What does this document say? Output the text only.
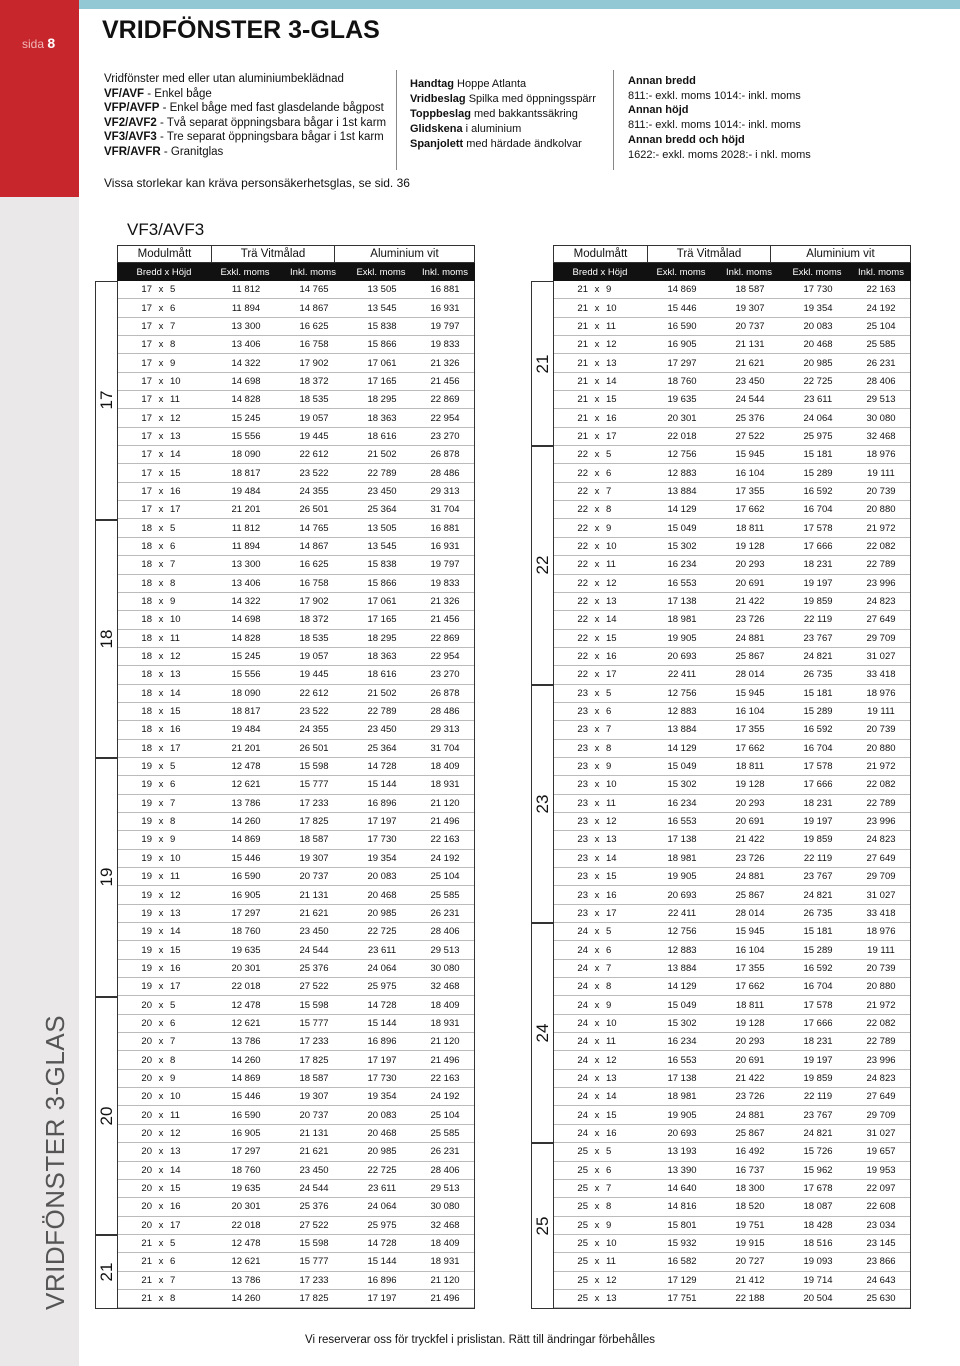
sida 8
VRIDFÖNSTER 3-GLAS
VRIDFÖNSTER 3-GLAS
Vridfönster med eller utan aluminiumbeklädnad
VF/AVF - Enkel båge
VFP/AVFP - Enkel båge med fast glasdelande bågpost
VF2/AVF2 - Två separat öppningsbara bågar i 1st karm
VF3/AVF3 - Tre separat öppningsbara bågar i 1st karm
VFR/AVFR - Granitglas
Handtag Hoppe Atlanta
Vridbeslag Spilka med öppningsspärr
Toppbeslag med bakkantssäkring
Glidskena i aluminium
Spanjolett med härdade ändkolvar
Annan bredd
811:- exkl. moms 1014:- inkl. moms
Annan höjd
811:- exkl. moms 1014:- inkl. moms
Annan bredd och höjd
1622:- exkl. moms 2028:- i nkl. moms
Vissa storlekar kan kräva personsäkerhetsglas, se sid. 36
VF3/AVF3
Modulmått	Trä Vitmålad	Aluminium vit
Bredd x Höjd	Exkl. moms	Inkl. moms	Exkl. moms	Inkl. moms
17 x 5	11 812	14 765	13 505	16 881
17 x 6	11 894	14 867	13 545	16 931
17 x 7	13 300	16 625	15 838	19 797
17 x 8	13 406	16 758	15 866	19 833
17 x 9	14 322	17 902	17 061	21 326
17 x 10	14 698	18 372	17 165	21 456
17 x 11	14 828	18 535	18 295	22 869
17 x 12	15 245	19 057	18 363	22 954
17 x 13	15 556	19 445	18 616	23 270
17 x 14	18 090	22 612	21 502	26 878
17 x 15	18 817	23 522	22 789	28 486
17 x 16	19 484	24 355	23 450	29 313
17 x 17	21 201	26 501	25 364	31 704
18 x 5	11 812	14 765	13 505	16 881
18 x 6	11 894	14 867	13 545	16 931
18 x 7	13 300	16 625	15 838	19 797
18 x 8	13 406	16 758	15 866	19 833
18 x 9	14 322	17 902	17 061	21 326
18 x 10	14 698	18 372	17 165	21 456
18 x 11	14 828	18 535	18 295	22 869
18 x 12	15 245	19 057	18 363	22 954
18 x 13	15 556	19 445	18 616	23 270
18 x 14	18 090	22 612	21 502	26 878
18 x 15	18 817	23 522	22 789	28 486
18 x 16	19 484	24 355	23 450	29 313
18 x 17	21 201	26 501	25 364	31 704
19 x 5	12 478	15 598	14 728	18 409
19 x 6	12 621	15 777	15 144	18 931
19 x 7	13 786	17 233	16 896	21 120
19 x 8	14 260	17 825	17 197	21 496
19 x 9	14 869	18 587	17 730	22 163
19 x 10	15 446	19 307	19 354	24 192
19 x 11	16 590	20 737	20 083	25 104
19 x 12	16 905	21 131	20 468	25 585
19 x 13	17 297	21 621	20 985	26 231
19 x 14	18 760	23 450	22 725	28 406
19 x 15	19 635	24 544	23 611	29 513
19 x 16	20 301	25 376	24 064	30 080
19 x 17	22 018	27 522	25 975	32 468
20 x 5	12 478	15 598	14 728	18 409
20 x 6	12 621	15 777	15 144	18 931
20 x 7	13 786	17 233	16 896	21 120
20 x 8	14 260	17 825	17 197	21 496
20 x 9	14 869	18 587	17 730	22 163
20 x 10	15 446	19 307	19 354	24 192
20 x 11	16 590	20 737	20 083	25 104
20 x 12	16 905	21 131	20 468	25 585
20 x 13	17 297	21 621	20 985	26 231
20 x 14	18 760	23 450	22 725	28 406
20 x 15	19 635	24 544	23 611	29 513
20 x 16	20 301	25 376	24 064	30 080
20 x 17	22 018	27 522	25 975	32 468
21 x 5	12 478	15 598	14 728	18 409
21 x 6	12 621	15 777	15 144	18 931
21 x 7	13 786	17 233	16 896	21 120
21 x 8	14 260	17 825	17 197	21 496
17
18
19
20
21
Modulmått	Trä Vitmålad	Aluminium vit
Bredd x Höjd	Exkl. moms	Inkl. moms	Exkl. moms	Inkl. moms
21 x 9	14 869	18 587	17 730	22 163
21 x 10	15 446	19 307	19 354	24 192
21 x 11	16 590	20 737	20 083	25 104
21 x 12	16 905	21 131	20 468	25 585
21 x 13	17 297	21 621	20 985	26 231
21 x 14	18 760	23 450	22 725	28 406
21 x 15	19 635	24 544	23 611	29 513
21 x 16	20 301	25 376	24 064	30 080
21 x 17	22 018	27 522	25 975	32 468
22 x 5	12 756	15 945	15 181	18 976
22 x 6	12 883	16 104	15 289	19 111
22 x 7	13 884	17 355	16 592	20 739
22 x 8	14 129	17 662	16 704	20 880
22 x 9	15 049	18 811	17 578	21 972
22 x 10	15 302	19 128	17 666	22 082
22 x 11	16 234	20 293	18 231	22 789
22 x 12	16 553	20 691	19 197	23 996
22 x 13	17 138	21 422	19 859	24 823
22 x 14	18 981	23 726	22 119	27 649
22 x 15	19 905	24 881	23 767	29 709
22 x 16	20 693	25 867	24 821	31 027
22 x 17	22 411	28 014	26 735	33 418
23 x 5	12 756	15 945	15 181	18 976
23 x 6	12 883	16 104	15 289	19 111
23 x 7	13 884	17 355	16 592	20 739
23 x 8	14 129	17 662	16 704	20 880
23 x 9	15 049	18 811	17 578	21 972
23 x 10	15 302	19 128	17 666	22 082
23 x 11	16 234	20 293	18 231	22 789
23 x 12	16 553	20 691	19 197	23 996
23 x 13	17 138	21 422	19 859	24 823
23 x 14	18 981	23 726	22 119	27 649
23 x 15	19 905	24 881	23 767	29 709
23 x 16	20 693	25 867	24 821	31 027
23 x 17	22 411	28 014	26 735	33 418
24 x 5	12 756	15 945	15 181	18 976
24 x 6	12 883	16 104	15 289	19 111
24 x 7	13 884	17 355	16 592	20 739
24 x 8	14 129	17 662	16 704	20 880
24 x 9	15 049	18 811	17 578	21 972
24 x 10	15 302	19 128	17 666	22 082
24 x 11	16 234	20 293	18 231	22 789
24 x 12	16 553	20 691	19 197	23 996
24 x 13	17 138	21 422	19 859	24 823
24 x 14	18 981	23 726	22 119	27 649
24 x 15	19 905	24 881	23 767	29 709
24 x 16	20 693	25 867	24 821	31 027
25 x 5	13 193	16 492	15 726	19 657
25 x 6	13 390	16 737	15 962	19 953
25 x 7	14 640	18 300	17 678	22 097
25 x 8	14 816	18 520	18 087	22 608
25 x 9	15 801	19 751	18 428	23 034
25 x 10	15 932	19 915	18 516	23 145
25 x 11	16 582	20 727	19 093	23 866
25 x 12	17 129	21 412	19 714	24 643
25 x 13	17 751	22 188	20 504	25 630
21
22
23
24
25
Vi reserverar oss för tryckfel i prislistan. Rätt till ändringar förbehålles
